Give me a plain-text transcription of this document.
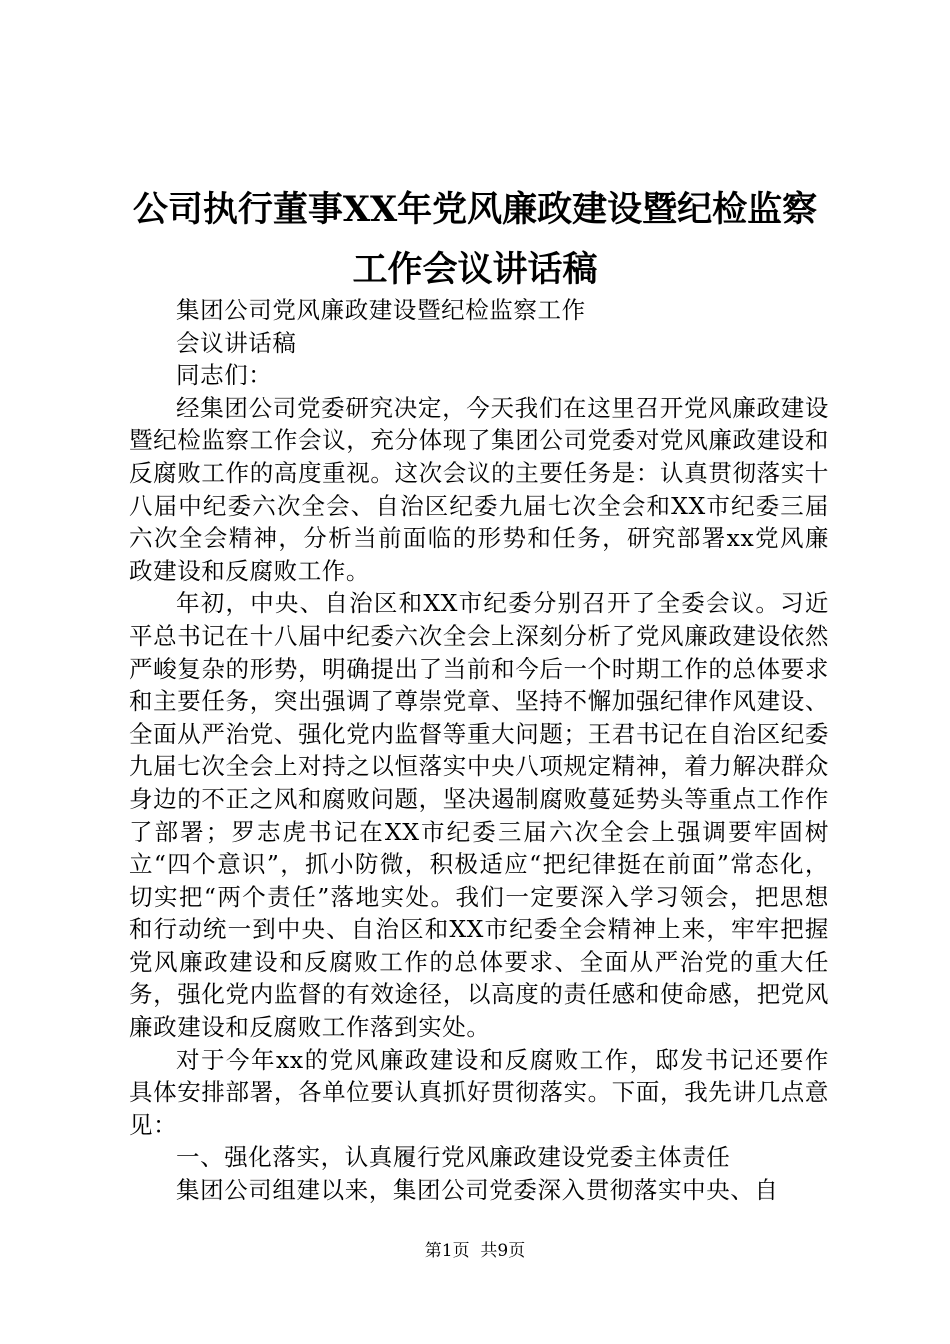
公司执行董事XX年党风廉政建设暨纪检监察
工作会议讲话稿

集团公司党风廉政建设暨纪检监察工作

会议讲话稿

同志们：

经集团公司党委研究决定，今天我们在这里召开党风廉政建设暨纪检监察工作会议，充分体现了集团公司党委对党风廉政建设和反腐败工作的高度重视。这次会议的主要任务是：认真贯彻落实十八届中纪委六次全会、自治区纪委九届七次全会和XX市纪委三届六次全会精神，分析当前面临的形势和任务，研究部署xx党风廉政建设和反腐败工作。

年初，中央、自治区和XX市纪委分别召开了全委会议。习近平总书记在十八届中纪委六次全会上深刻分析了党风廉政建设依然严峻复杂的形势，明确提出了当前和今后一个时期工作的总体要求和主要任务，突出强调了尊崇党章、坚持不懈加强纪律作风建设、全面从严治党、强化党内监督等重大问题；王君书记在自治区纪委九届七次全会上对持之以恒落实中央八项规定精神，着力解决群众身边的不正之风和腐败问题，坚决遏制腐败蔓延势头等重点工作作了部署；罗志虎书记在XX市纪委三届六次全会上强调要牢固树立“四个意识”，抓小防微，积极适应“把纪律挺在前面”常态化，切实把“两个责任”落地实处。我们一定要深入学习领会，把思想和行动统一到中央、自治区和XX市纪委全会精神上来，牢牢把握党风廉政建设和反腐败工作的总体要求、全面从严治党的重大任务，强化党内监督的有效途径，以高度的责任感和使命感，把党风廉政建设和反腐败工作落到实处。

对于今年xx的党风廉政建设和反腐败工作，邸发书记还要作具体安排部署，各单位要认真抓好贯彻落实。下面，我先讲几点意见：

一、强化落实，认真履行党风廉政建设党委主体责任

集团公司组建以来，集团公司党委深入贯彻落实中央、自

第1页  共9页
